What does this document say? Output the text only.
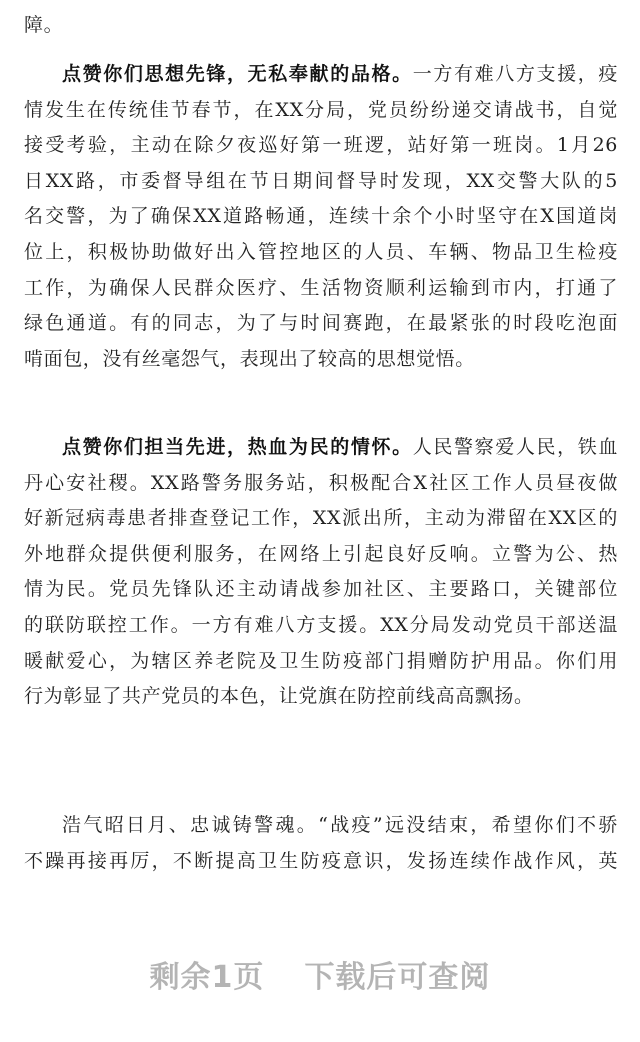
障。
点赞你们思想先锋，无私奉献的品格。一方有难八方支援，疫
情发生在传统佳节春节，在XX分局，党员纷纷递交请战书，自觉
接受考验，主动在除夕夜巡好第一班逻，站好第一班岗。1月26
日XX路，市委督导组在节日期间督导时发现，XX交警大队的5
名交警，为了确保XX道路畅通，连续十余个小时坚守在X国道岗
位上，积极协助做好出入管控地区的人员、车辆、物品卫生检疫
工作，为确保人民群众医疗、生活物资顺利运输到市内，打通了
绿色通道。有的同志，为了与时间赛跑，在最紧张的时段吃泡面
啃面包，没有丝毫怨气，表现出了较高的思想觉悟。
点赞你们担当先进，热血为民的情怀。人民警察爱人民，铁血
丹心安社稷。XX路警务服务站，积极配合X社区工作人员昼夜做
好新冠病毒患者排查登记工作，XX派出所，主动为滞留在XX区的
外地群众提供便利服务，在网络上引起良好反响。立警为公、热
情为民。党员先锋队还主动请战参加社区、主要路口，关键部位
的联防联控工作。一方有难八方支援。XX分局发动党员干部送温
暖献爱心，为辖区养老院及卫生防疫部门捐赠防护用品。你们用
行为彰显了共产党员的本色，让党旗在防控前线高高飘扬。
浩气昭日月、忠诚铸警魂。“战疫”远没结束，希望你们不骄
不躁再接再厉，不断提高卫生防疫意识，发扬连续作战作风，英
剩余1页 下载后可查阅
